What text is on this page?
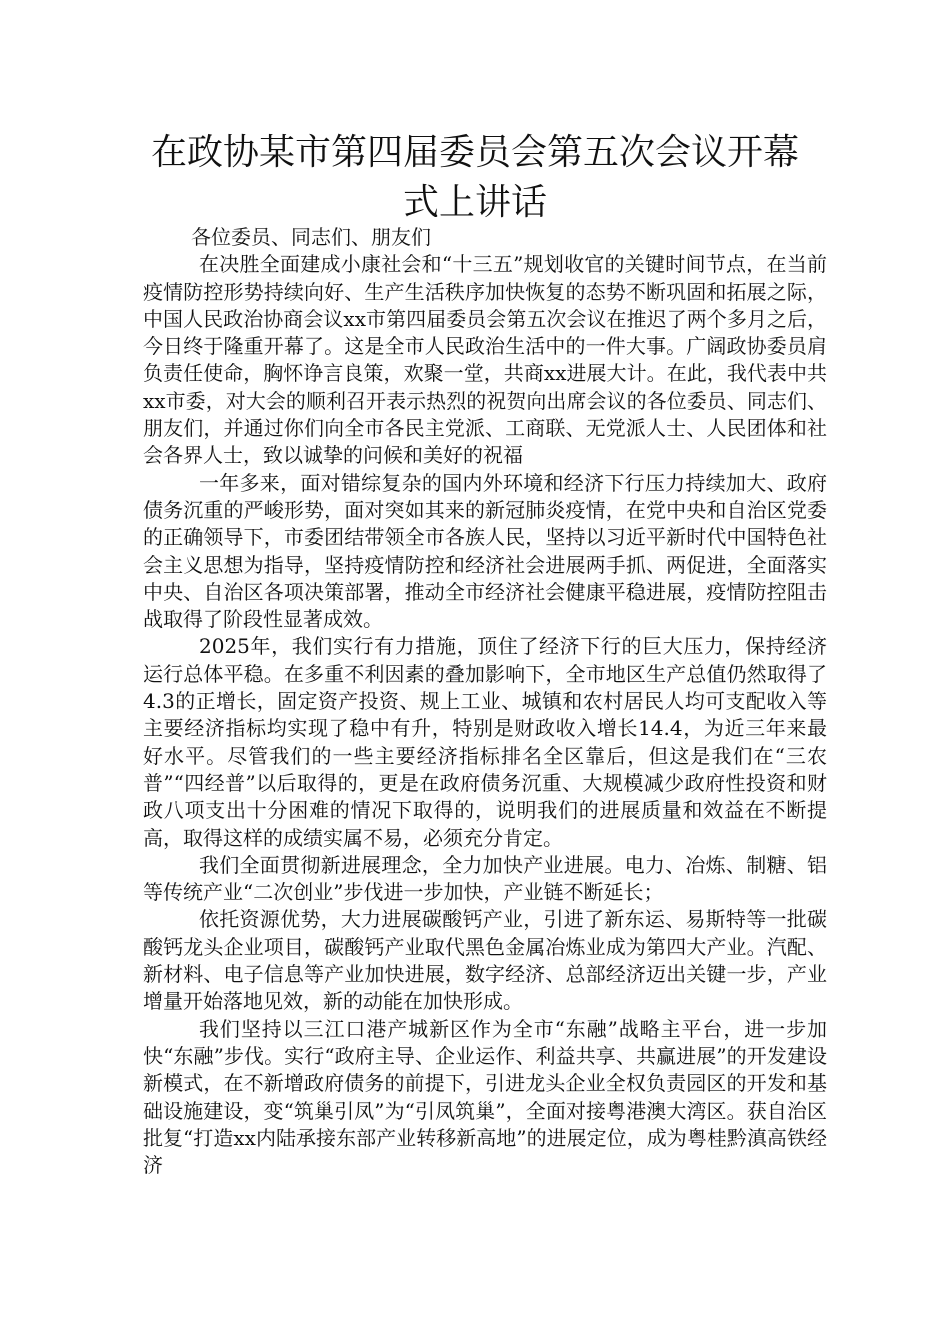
在政协某市第四届委员会第五次会议开幕式上讲话

各位委员、同志们、朋友们

在决胜全面建成小康社会和“十三五”规划收官的关键时间节点，在当前疫情防控形势持续向好、生产生活秩序加快恢复的态势不断巩固和拓展之际，中国人民政治协商会议xx市第四届委员会第五次会议在推迟了两个多月之后，今日终于隆重开幕了。这是全市人民政治生活中的一件大事。广阔政协委员肩负责任使命，胸怀诤言良策，欢聚一堂，共商xx进展大计。在此，我代表中共xx市委，对大会的顺利召开表示热烈的祝贺向出席会议的各位委员、同志们、朋友们，并通过你们向全市各民主党派、工商联、无党派人士、人民团体和社会各界人士，致以诚挚的问候和美好的祝福

一年多来，面对错综复杂的国内外环境和经济下行压力持续加大、政府债务沉重的严峻形势，面对突如其来的新冠肺炎疫情，在党中央和自治区党委的正确领导下，市委团结带领全市各族人民，坚持以习近平新时代中国特色社会主义思想为指导，坚持疫情防控和经济社会进展两手抓、两促进，全面落实中央、自治区各项决策部署，推动全市经济社会健康平稳进展，疫情防控阻击战取得了阶段性显著成效。

2025年，我们实行有力措施，顶住了经济下行的巨大压力，保持经济运行总体平稳。在多重不利因素的叠加影响下，全市地区生产总值仍然取得了4.3的正增长，固定资产投资、规上工业、城镇和农村居民人均可支配收入等主要经济指标均实现了稳中有升，特别是财政收入增长14.4，为近三年来最好水平。尽管我们的一些主要经济指标排名全区靠后，但这是我们在“三农普”“四经普”以后取得的，更是在政府债务沉重、大规模减少政府性投资和财政八项支出十分困难的情况下取得的，说明我们的进展质量和效益在不断提高，取得这样的成绩实属不易，必须充分肯定。

我们全面贯彻新进展理念，全力加快产业进展。电力、冶炼、制糖、铝等传统产业“二次创业”步伐进一步加快，产业链不断延长；

依托资源优势，大力进展碳酸钙产业，引进了新东运、易斯特等一批碳酸钙龙头企业项目，碳酸钙产业取代黑色金属冶炼业成为第四大产业。汽配、新材料、电子信息等产业加快进展，数字经济、总部经济迈出关键一步，产业增量开始落地见效，新的动能在加快形成。

我们坚持以三江口港产城新区作为全市“东融”战略主平台，进一步加快“东融”步伐。实行“政府主导、企业运作、利益共享、共赢进展”的开发建设新模式，在不新增政府债务的前提下，引进龙头企业全权负责园区的开发和基础设施建设，变“筑巢引凤”为“引凤筑巢”，全面对接粤港澳大湾区。获自治区批复“打造xx内陆承接东部产业转移新高地”的进展定位，成为粤桂黔滇高铁经济
